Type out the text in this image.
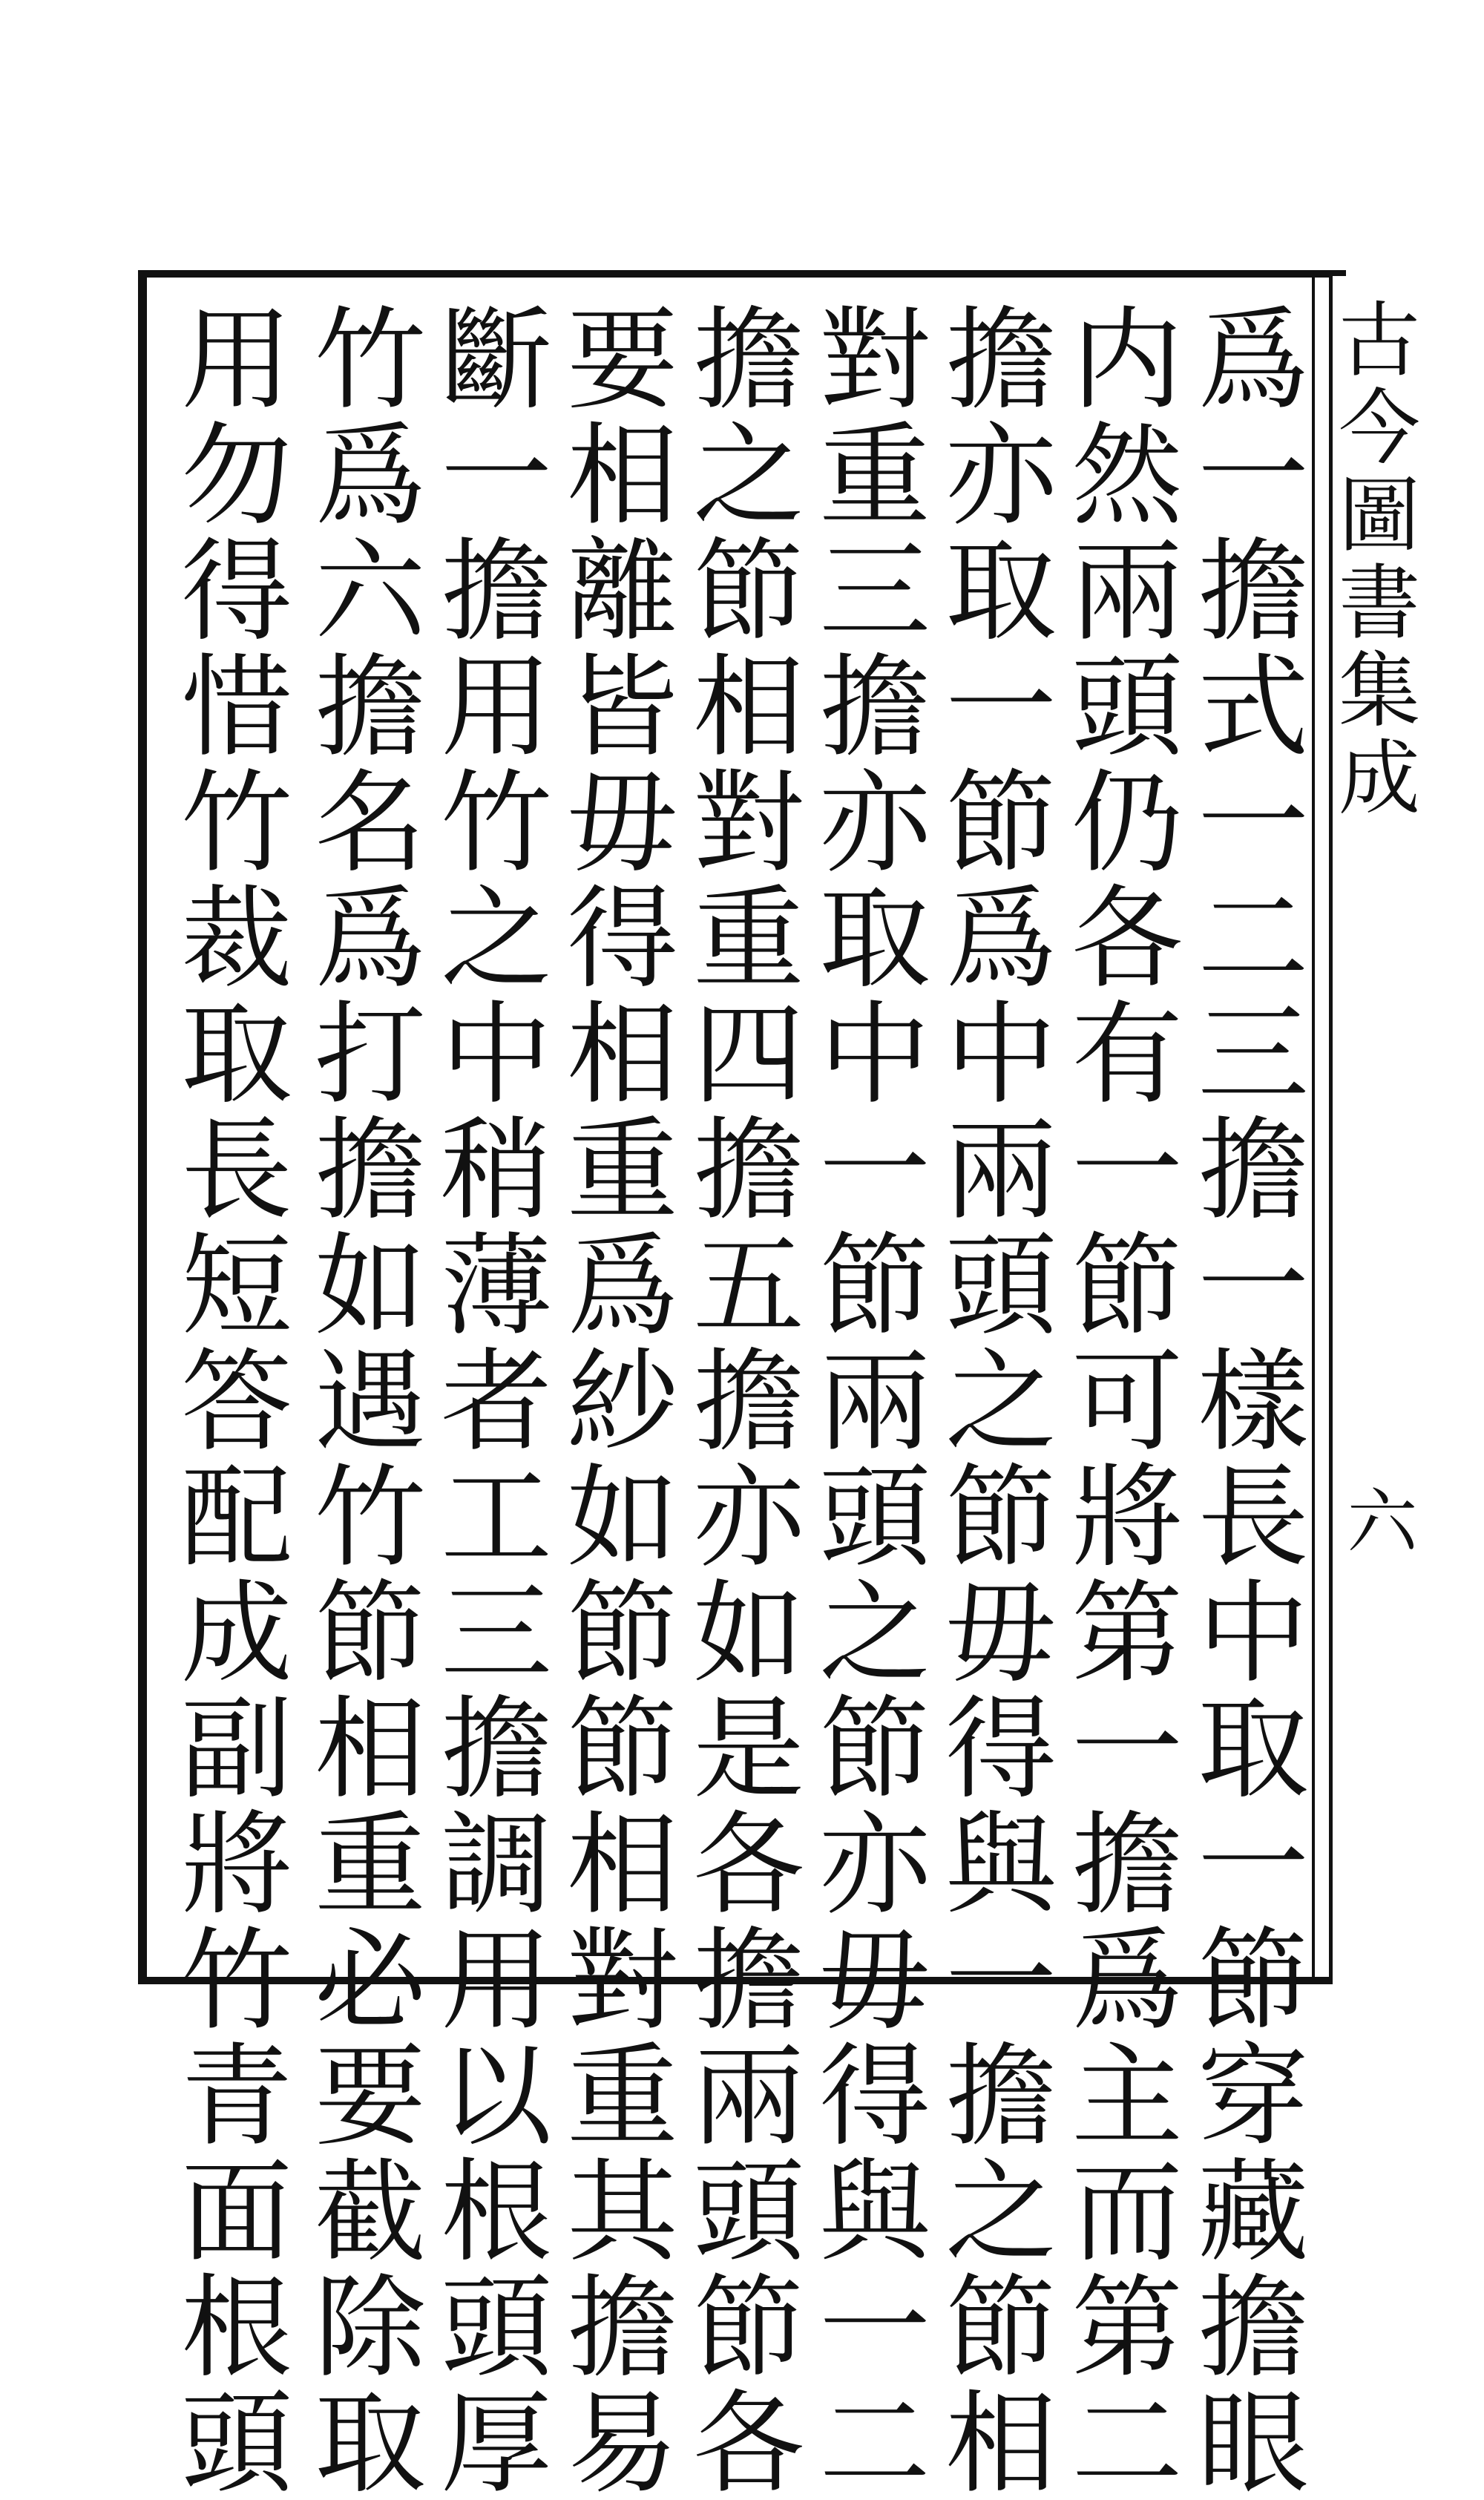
古今圖書集成
六
爲一擔式一二三擔一樣長中取一節穿藏擔眼
内然兩頭仍各有一節可將第一擔爲主而第二
擔亦取一節爲中兩頭之節毋得與一擔之節相
對重三擔亦取中一節兩頭之節亦毋得與一二
擔之節相對重四擔五擔亦如是各擔兩頭節各
要相離皆毋得相重爲紗如節節相對重其擔易
斷一擔用竹之中稍薄者工三擔調用以根頭厚
竹爲六擔名爲打擔如遇竹節相重必要截除取
用勿得惜竹裁取長短答配成副將竹青面根頭
